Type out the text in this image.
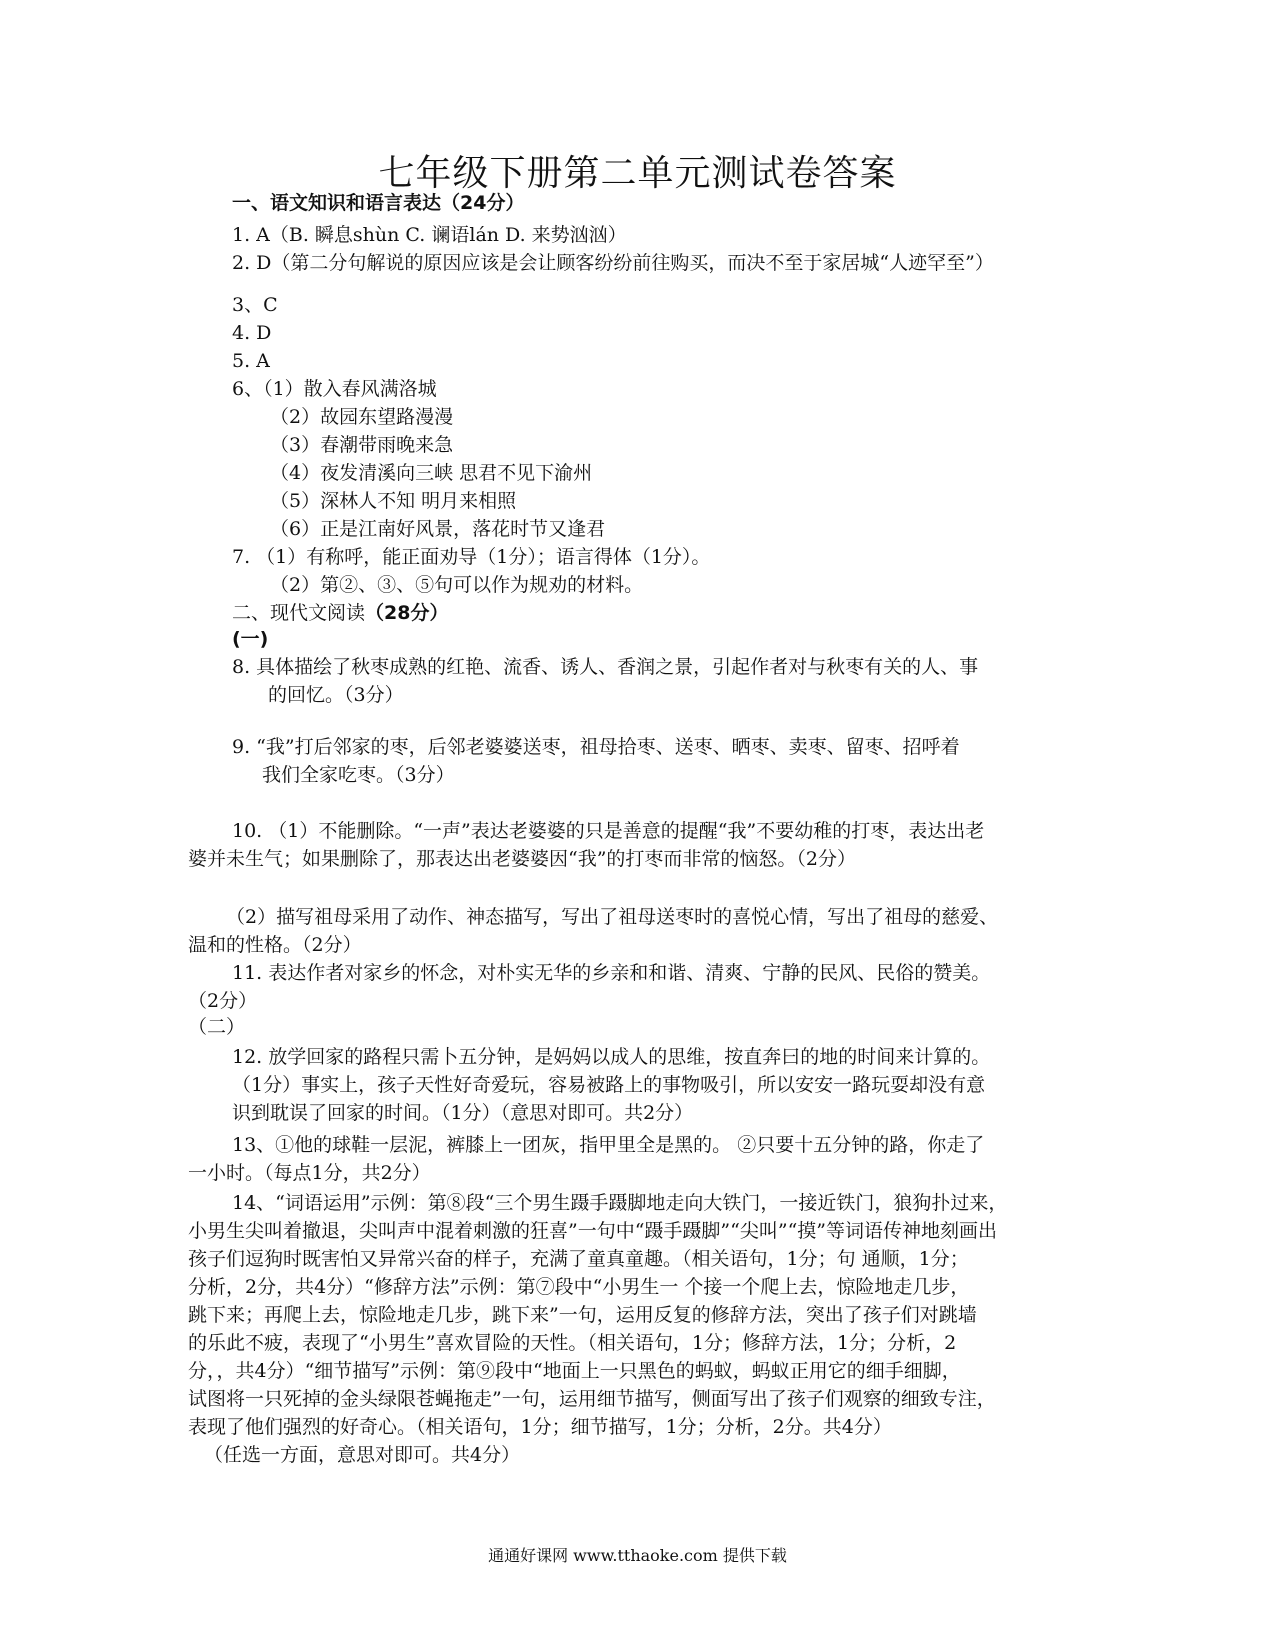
七年级下册第二单元测试卷答案
一、语文知识和语言表达（24分）
1. A（B. 瞬息shùn C. 谰语lán D. 来势汹汹）
2. D（第二分句解说的原因应该是会让顾客纷纷前往购买，而决不至于家居城“人迹罕至”）
3、C
4. D
5. A
6、（1）散入春风满洛城
（2）故园东望路漫漫
（3）春潮带雨晚来急
（4）夜发清溪向三峡 思君不见下渝州
（5）深林人不知 明月来相照
（6）正是江南好风景，落花时节又逢君
7. （1）有称呼，能正面劝导（1分）；语言得体（1分）。
（2）第②、③、⑤句可以作为规劝的材料。
二、现代文阅读（28分）
(一)
8. 具体描绘了秋枣成熟的红艳、流香、诱人、香润之景，引起作者对与秋枣有关的人、事
的回忆。（3分）
9. “我”打后邻家的枣，后邻老婆婆送枣，祖母拾枣、送枣、晒枣、卖枣、留枣、招呼着
我们全家吃枣。（3分）
10. （1）不能删除。“一声”表达老婆婆的只是善意的提醒“我”不要幼稚的打枣，表达出老
婆并未生气；如果删除了，那表达出老婆婆因“我”的打枣而非常的恼怒。（2分）
（2）描写祖母采用了动作、神态描写，写出了祖母送枣时的喜悦心情，写出了祖母的慈爱、
温和的性格。（2分）
11. 表达作者对家乡的怀念，对朴实无华的乡亲和和谐、清爽、宁静的民风、民俗的赞美。
（2分）
（二）
12. 放学回家的路程只需卜五分钟，是妈妈以成人的思维，按直奔曰的地的时间来计算的。
（1分）事实上，孩子天性好奇爱玩，容易被路上的事物吸引，所以安安一路玩耍却没有意
识到耽误了回家的时间。（1分）（意思对即可。共2分）
13、①他的球鞋一层泥，裤膝上一团灰，指甲里全是黑的。 ②只要十五分钟的路，你走了
一小时。（每点1分，共2分）
14、“词语运用”示例：第⑧段“三个男生蹑手蹑脚地走向大铁门，一接近铁门，狼狗扑过来，
小男生尖叫着撤退，尖叫声中混着刺激的狂喜”一句中“蹑手蹑脚”“尖叫”“摸”等词语传神地刻画出
孩子们逗狗时既害怕又异常兴奋的样子，充满了童真童趣。（相关语句，1分；句 通顺，1分；
分析，2分，共4分）“修辞方法”示例：第⑦段中“小男生一 个接一个爬上去，惊险地走几步，
跳下来；再爬上去，惊险地走几步，跳下来”一句，运用反复的修辞方法，突出了孩子们对跳墙
的乐此不疲，表现了“小男生”喜欢冒险的天性。（相关语句，1分；修辞方法，1分；分析，2
分，，共4分）“细节描写”示例：第⑨段中“地面上一只黑色的蚂蚁，蚂蚁正用它的细手细脚，
试图将一只死掉的金头绿限苍蝇拖走”一句，运用细节描写，侧面写出了孩子们观察的细致专注，
表现了他们强烈的好奇心。（相关语句，1分；细节描写，1分；分析，2分。共4分）
（任选一方面，意思对即可。共4分）
通通好课网 www.tthaoke.com 提供下载
